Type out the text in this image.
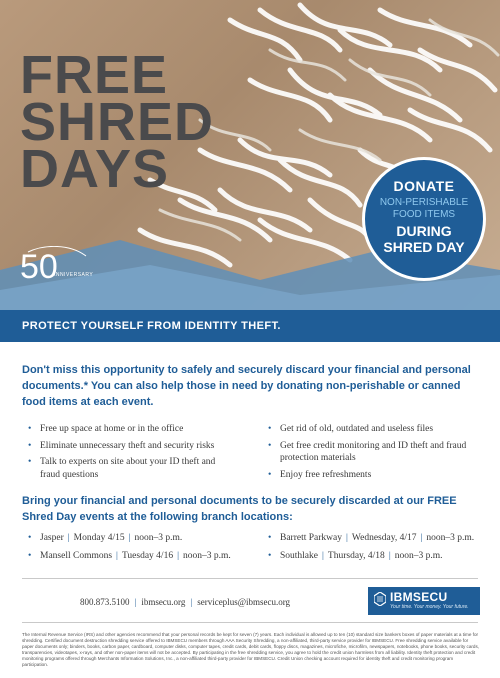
FREE
SHRED
DAYS
50
ANNIVERSARY
DONATE
NON-PERISHABLE
FOOD ITEMS
DURING
SHRED DAY
PROTECT YOURSELF FROM IDENTITY THEFT.
Don't miss this opportunity to safely and securely discard your financial and personal documents.* You can also help those in need by donating non-perishable or canned food items at each event.
• Free up space at home or in the office
• Eliminate unnecessary theft and security risks
• Talk to experts on site about your ID theft and fraud questions
• Get rid of old, outdated and useless files
• Get free credit monitoring and ID theft and fraud protection materials
• Enjoy free refreshments
Bring your financial and personal documents to be securely discarded at our FREE Shred Day events at the following branch locations:
• Jasper | Monday 4/15 | noon–3 p.m.
• Mansell Commons | Tuesday 4/16 | noon–3 p.m.
• Barrett Parkway | Wednesday, 4/17 | noon–3 p.m.
• Southlake | Thursday, 4/18 | noon–3 p.m.
800.873.5100 | ibmsecu.org | serviceplus@ibmsecu.org	IBMSECU
Your time. Your money. Your future.
The Internal Revenue Service (IRS) and other agencies recommend that your personal records be kept for seven (7) years. Each individual is allowed up to ten (10) standard size bankers boxes of paper materials at a time for shredding. Certified document destruction shredding service offered to IBMSECU members through AAA Security Shredding, a non-affiliated, third-party service provider for IBMSECU. Free shredding service available for paper documents only; binders, books, carbon paper, cardboard, computer disks, computer tapes, credit cards, debit cards, floppy discs, magazines, microfiche, microfilm, newspapers, notebooks, phone books, security cards, transparencies, videotapes, x-rays, and other non-paper items will not be accepted. By participating in the free shredding service, you agree to hold the credit union harmless from all liability. Identity theft protection and credit monitoring programs offered through Merchants Information Solutions, Inc., a non-affiliated third-party provider for IBMSECU. Credit Union checking account required for identity theft and credit monitoring program participation.
